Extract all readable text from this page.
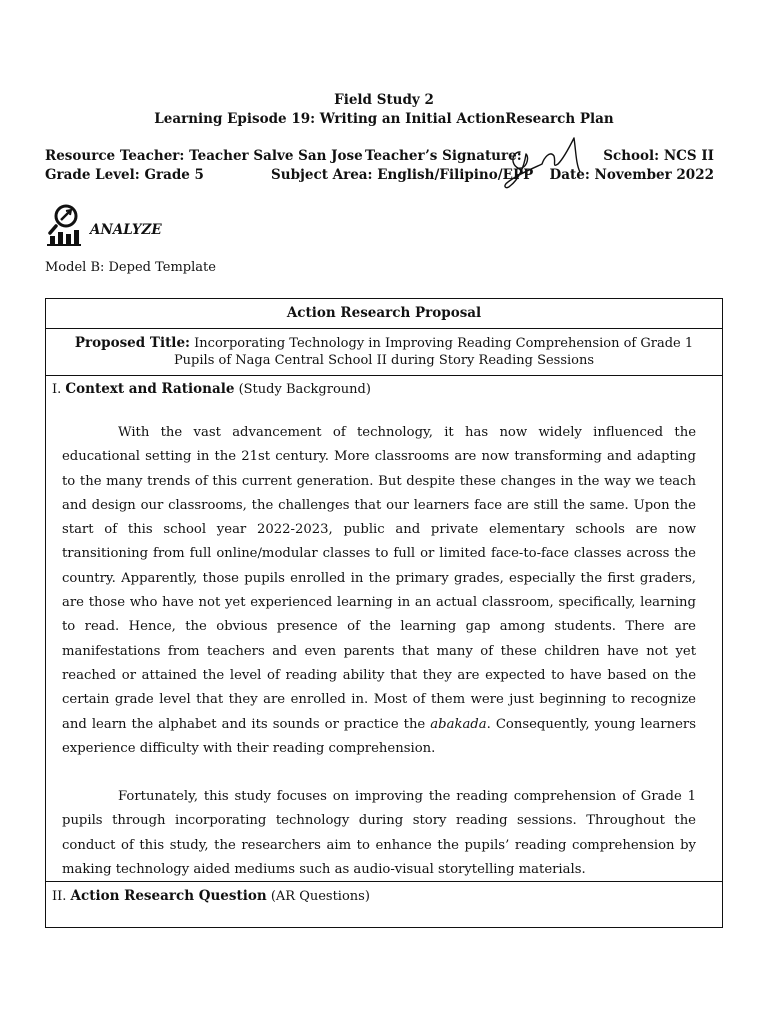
Field Study 2
Learning Episode 19: Writing an Initial ActionResearch Plan
Resource Teacher: Teacher Salve San Jose Teacher’s Signature:	School: NCS II
Grade Level: Grade 5	Subject Area: English/Filipino/EPP Date: November 2022
ANALYZE
Model B: Deped Template
Action Research Proposal
Proposed Title: Incorporating Technology in Improving Reading Comprehension of Grade 1 Pupils of Naga Central School II during Story Reading Sessions
I. Context and Rationale (Study Background)

With the vast advancement of technology, it has now widely influenced the educational setting in the 21st century. More classrooms are now transforming and adapting to the many trends of this current generation. But despite these changes in the way we teach and design our classrooms, the challenges that our learners face are still the same. Upon the start of this school year 2022-2023, public and private elementary schools are now transitioning from full online/modular classes to full or limited face-to-face classes across the country. Apparently, those pupils enrolled in the primary grades, especially the first graders, are those who have not yet experienced learning in an actual classroom, specifically, learning to read. Hence, the obvious presence of the learning gap among students. There are manifestations from teachers and even parents that many of these children have not yet reached or attained the level of reading ability that they are expected to have based on the certain grade level that they are enrolled in. Most of them were just beginning to recognize and learn the alphabet and its sounds or practice the abakada. Consequently, young learners experience difficulty with their reading comprehension.

Fortunately, this study focuses on improving the reading comprehension of Grade 1 pupils through incorporating technology during story reading sessions. Throughout the conduct of this study, the researchers aim to enhance the pupils’ reading comprehension by making technology aided mediums such as audio-visual storytelling materials.

II. Action Research Question (AR Questions)
